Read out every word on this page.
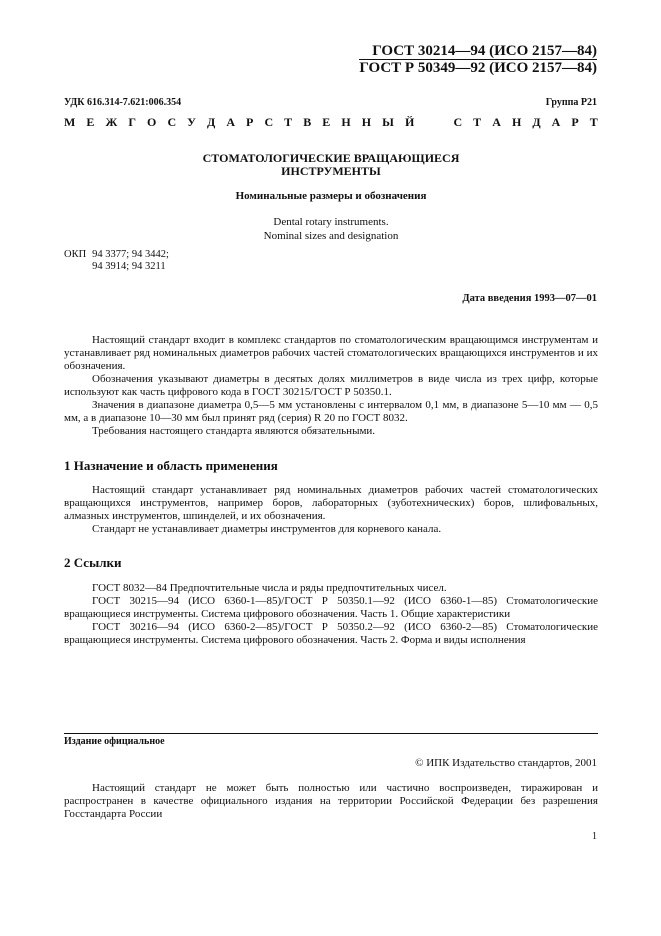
ГОСТ 30214—94 (ИСО 2157—84)
ГОСТ Р 50349—92 (ИСО 2157—84)
УДК 616.314-7.621:006.354	Группа Р21
М Е Ж Г О С У Д А Р С Т В Е Н Н Ы Й

	С Т А Н Д А Р Т
СТОМАТОЛОГИЧЕСКИЕ ВРАЩАЮЩИЕСЯ
ИНСТРУМЕНТЫ
Номинальные размеры и обозначения
Dental rotary instruments.
Nominal sizes and designation
ОКП 94 3377; 94 3442;
94 3914; 94 3211
Дата введения 1993—07—01

Настоящий стандарт входит в комплекс стандартов по стоматологическим вращающимся инструментам и устанавливает ряд номинальных диаметров рабочих частей стоматологических вращающихся инструментов и их обозначения.

Обозначения указывают диаметры в десятых долях миллиметров в виде числа из трех цифр, которые используют как часть цифрового кода в ГОСТ 30215/ГОСТ Р 50350.1.

Значения в диапазоне диаметра 0,5—5 мм установлены с интервалом 0,1 мм, в диапазоне 5—10 мм — 0,5 мм, а в диапазоне 10—30 мм был принят ряд (серия) R 20 по ГОСТ 8032.

Требования настоящего стандарта являются обязательными.

1 Назначение и область применения

Настоящий стандарт устанавливает ряд номинальных диаметров рабочих частей стоматологических вращающихся инструментов, например боров, лабораторных (зуботехнических) боров, шлифовальных, алмазных инструментов, шпинделей, и их обозначения.

Стандарт не устанавливает диаметры инструментов для корневого канала.

2 Ссылки

ГОСТ 8032—84 Предпочтительные числа и ряды предпочтительных чисел.

ГОСТ 30215—94 (ИСО 6360-1—85)/ГОСТ Р 50350.1—92 (ИСО 6360-1—85) Стоматологические вращающиеся инструменты. Система цифрового обозначения. Часть 1. Общие характеристики

ГОСТ 30216—94 (ИСО 6360-2—85)/ГОСТ Р 50350.2—92 (ИСО 6360-2—85) Стоматологические вращающиеся инструменты. Система цифрового обозначения. Часть 2. Форма и виды исполнения

Издание официальное
© ИПК Издательство стандартов, 2001

Настоящий стандарт не может быть полностью или частично воспроизведен, тиражирован и распространен в качестве официального издания на территории Российской Федерации без разрешения Госстандарта России

1
